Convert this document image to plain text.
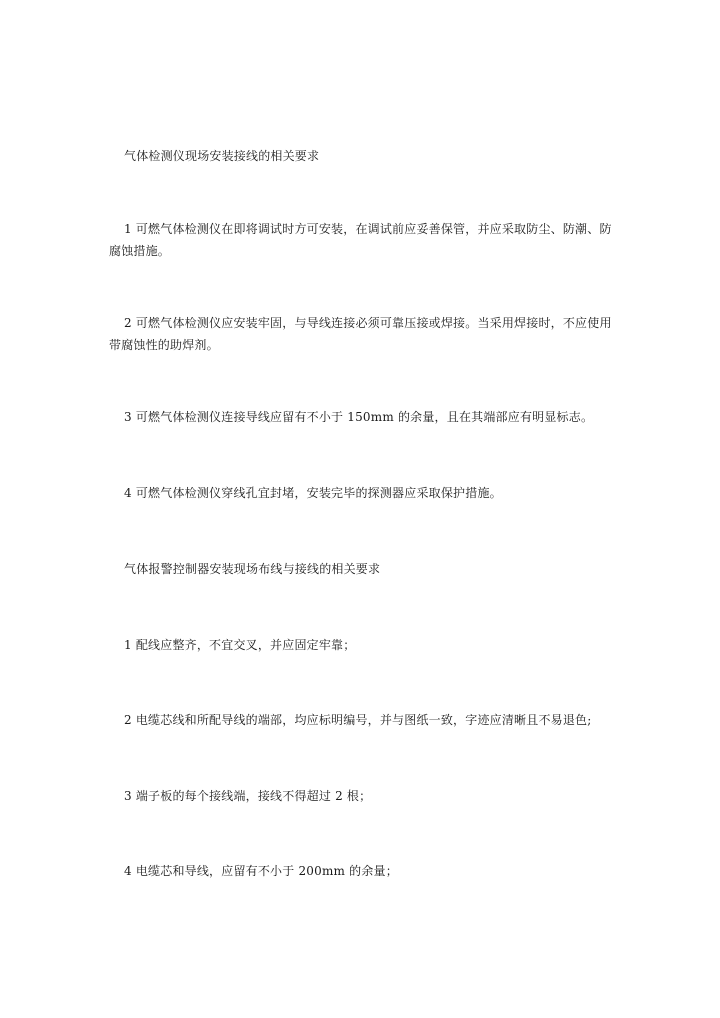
气体检测仪现场安装接线的相关要求

1 可燃气体检测仪在即将调试时方可安装，在调试前应妥善保管，并应采取防尘、防潮、防腐蚀措施。

2 可燃气体检测仪应安装牢固，与导线连接必须可靠压接或焊接。当采用焊接时，不应使用带腐蚀性的助焊剂。

3 可燃气体检测仪连接导线应留有不小于 150mm 的余量，且在其端部应有明显标志。

4 可燃气体检测仪穿线孔宜封堵，安装完毕的探测器应采取保护措施。

气体报警控制器安装现场布线与接线的相关要求

1 配线应整齐，不宜交叉，并应固定牢靠；

2 电缆芯线和所配导线的端部，均应标明编号，并与图纸一致，字迹应清晰且不易退色;

3 端子板的每个接线端，接线不得超过 2 根；

4 电缆芯和导线，应留有不小于 200mm 的余量；
